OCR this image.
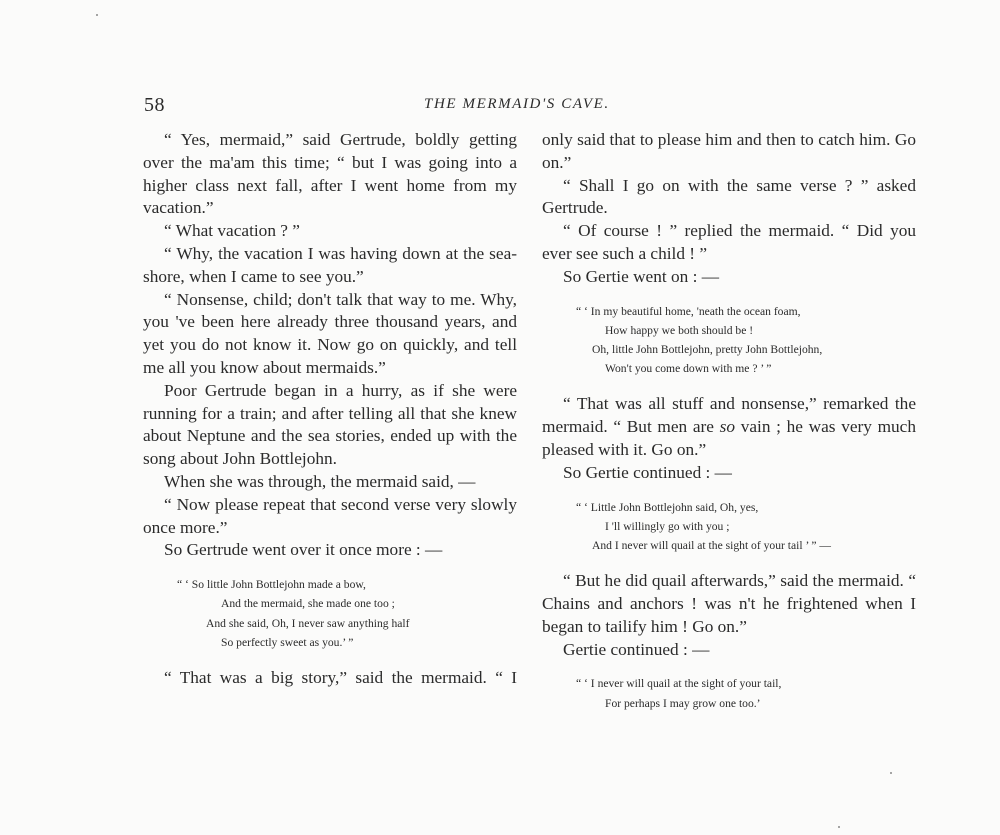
58	THE MERMAID'S CAVE.

“ Yes, mermaid,” said Gertrude, boldly getting over the ma'am this time; “ but I was going into a higher class next fall, after I went home from my vacation.”

“ What vacation ? ”

“ Why, the vacation I was having down at the sea-shore, when I came to see you.”

“ Nonsense, child; don't talk that way to me. Why, you 've been here already three thousand years, and yet you do not know it. Now go on quickly, and tell me all you know about mermaids.”

Poor Gertrude began in a hurry, as if she were running for a train; and after telling all that she knew about Neptune and the sea stories, ended up with the song about John Bottlejohn.

When she was through, the mermaid said, —

“ Now please repeat that second verse very slowly once more.”

So Gertrude went over it once more : —

“ ‘ So little John Bottlejohn made a bow,
And the mermaid, she made one too ;
And she said, Oh, I never saw anything half
So perfectly sweet as you.’ ”

“ That was a big story,” said the mermaid. “ I

only said that to please him and then to catch him. Go on.”

“ Shall I go on with the same verse ? ” asked Gertrude.

“ Of course ! ” replied the mermaid. “ Did you ever see such a child ! ”

So Gertie went on : —

“ ‘ In my beautiful home, 'neath the ocean foam,
How happy we both should be !
Oh, little John Bottlejohn, pretty John Bottlejohn,
Won't you come down with me ? ’ ”

“ That was all stuff and nonsense,” remarked the mermaid. “ But men are so vain ; he was very much pleased with it. Go on.”

So Gertie continued : —

“ ‘ Little John Bottlejohn said, Oh, yes,
I 'll willingly go with you ;
And I never will quail at the sight of your tail ’ ” —

“ But he did quail afterwards,” said the mermaid. “ Chains and anchors ! was n't he frightened when I began to tailify him ! Go on.”

Gertie continued : —

“ ‘ I never will quail at the sight of your tail,
For perhaps I may grow one too.’
